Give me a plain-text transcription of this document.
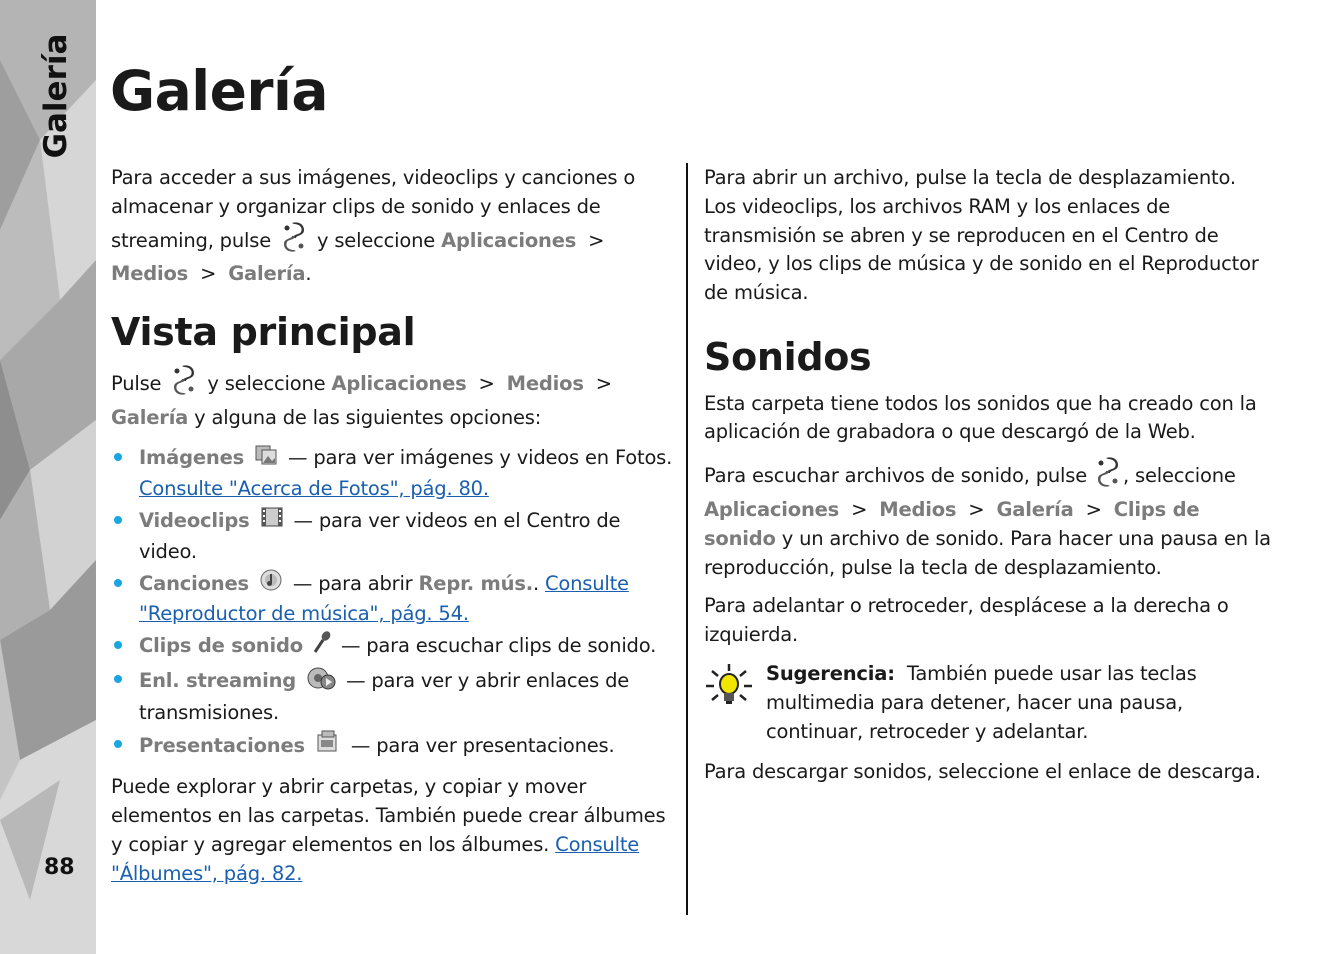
Galería
88
Galería

Para acceder a sus imágenes, videoclips y canciones o almacenar y organizar clips de sonido y enlaces de streaming, pulse y seleccione Aplicaciones  >  Medios  >  Galería.

Vista principal

Pulse y seleccione Aplicaciones  >  Medios  >  Galería y alguna de las siguientes opciones:

Imágenes — para ver imágenes y videos en Fotos. Consulte "Acerca de Fotos", pág. 80.
Videoclips — para ver videos en el Centro de video.
Canciones — para abrir Repr. mús.. Consulte "Reproductor de música", pág. 54.
Clips de sonido — para escuchar clips de sonido.
Enl. streaming	— para ver y abrir enlaces de transmisiones.
Presentaciones — para ver presentaciones.

Puede explorar y abrir carpetas, y copiar y mover elementos en las carpetas. También puede crear álbumes y copiar y agregar elementos en los álbumes. Consulte "Álbumes", pág. 82.

Para abrir un archivo, pulse la tecla de desplazamiento. Los videoclips, los archivos RAM y los enlaces de transmisión se abren y se reproducen en el Centro de video, y los clips de música y de sonido en el Reproductor de música.

Sonidos

Esta carpeta tiene todos los sonidos que ha creado con la aplicación de grabadora o que descargó de la Web.

Para escuchar archivos de sonido, pulse , seleccione Aplicaciones  >  Medios  >  Galería  >  Clips de sonido y un archivo de sonido. Para hacer una pausa en la reproducción, pulse la tecla de desplazamiento.

Para adelantar o retroceder, desplácese a la derecha o izquierda.

Sugerencia: También puede usar las teclas multimedia para detener, hacer una pausa, continuar, retroceder y adelantar.

Para descargar sonidos, seleccione el enlace de descarga.
